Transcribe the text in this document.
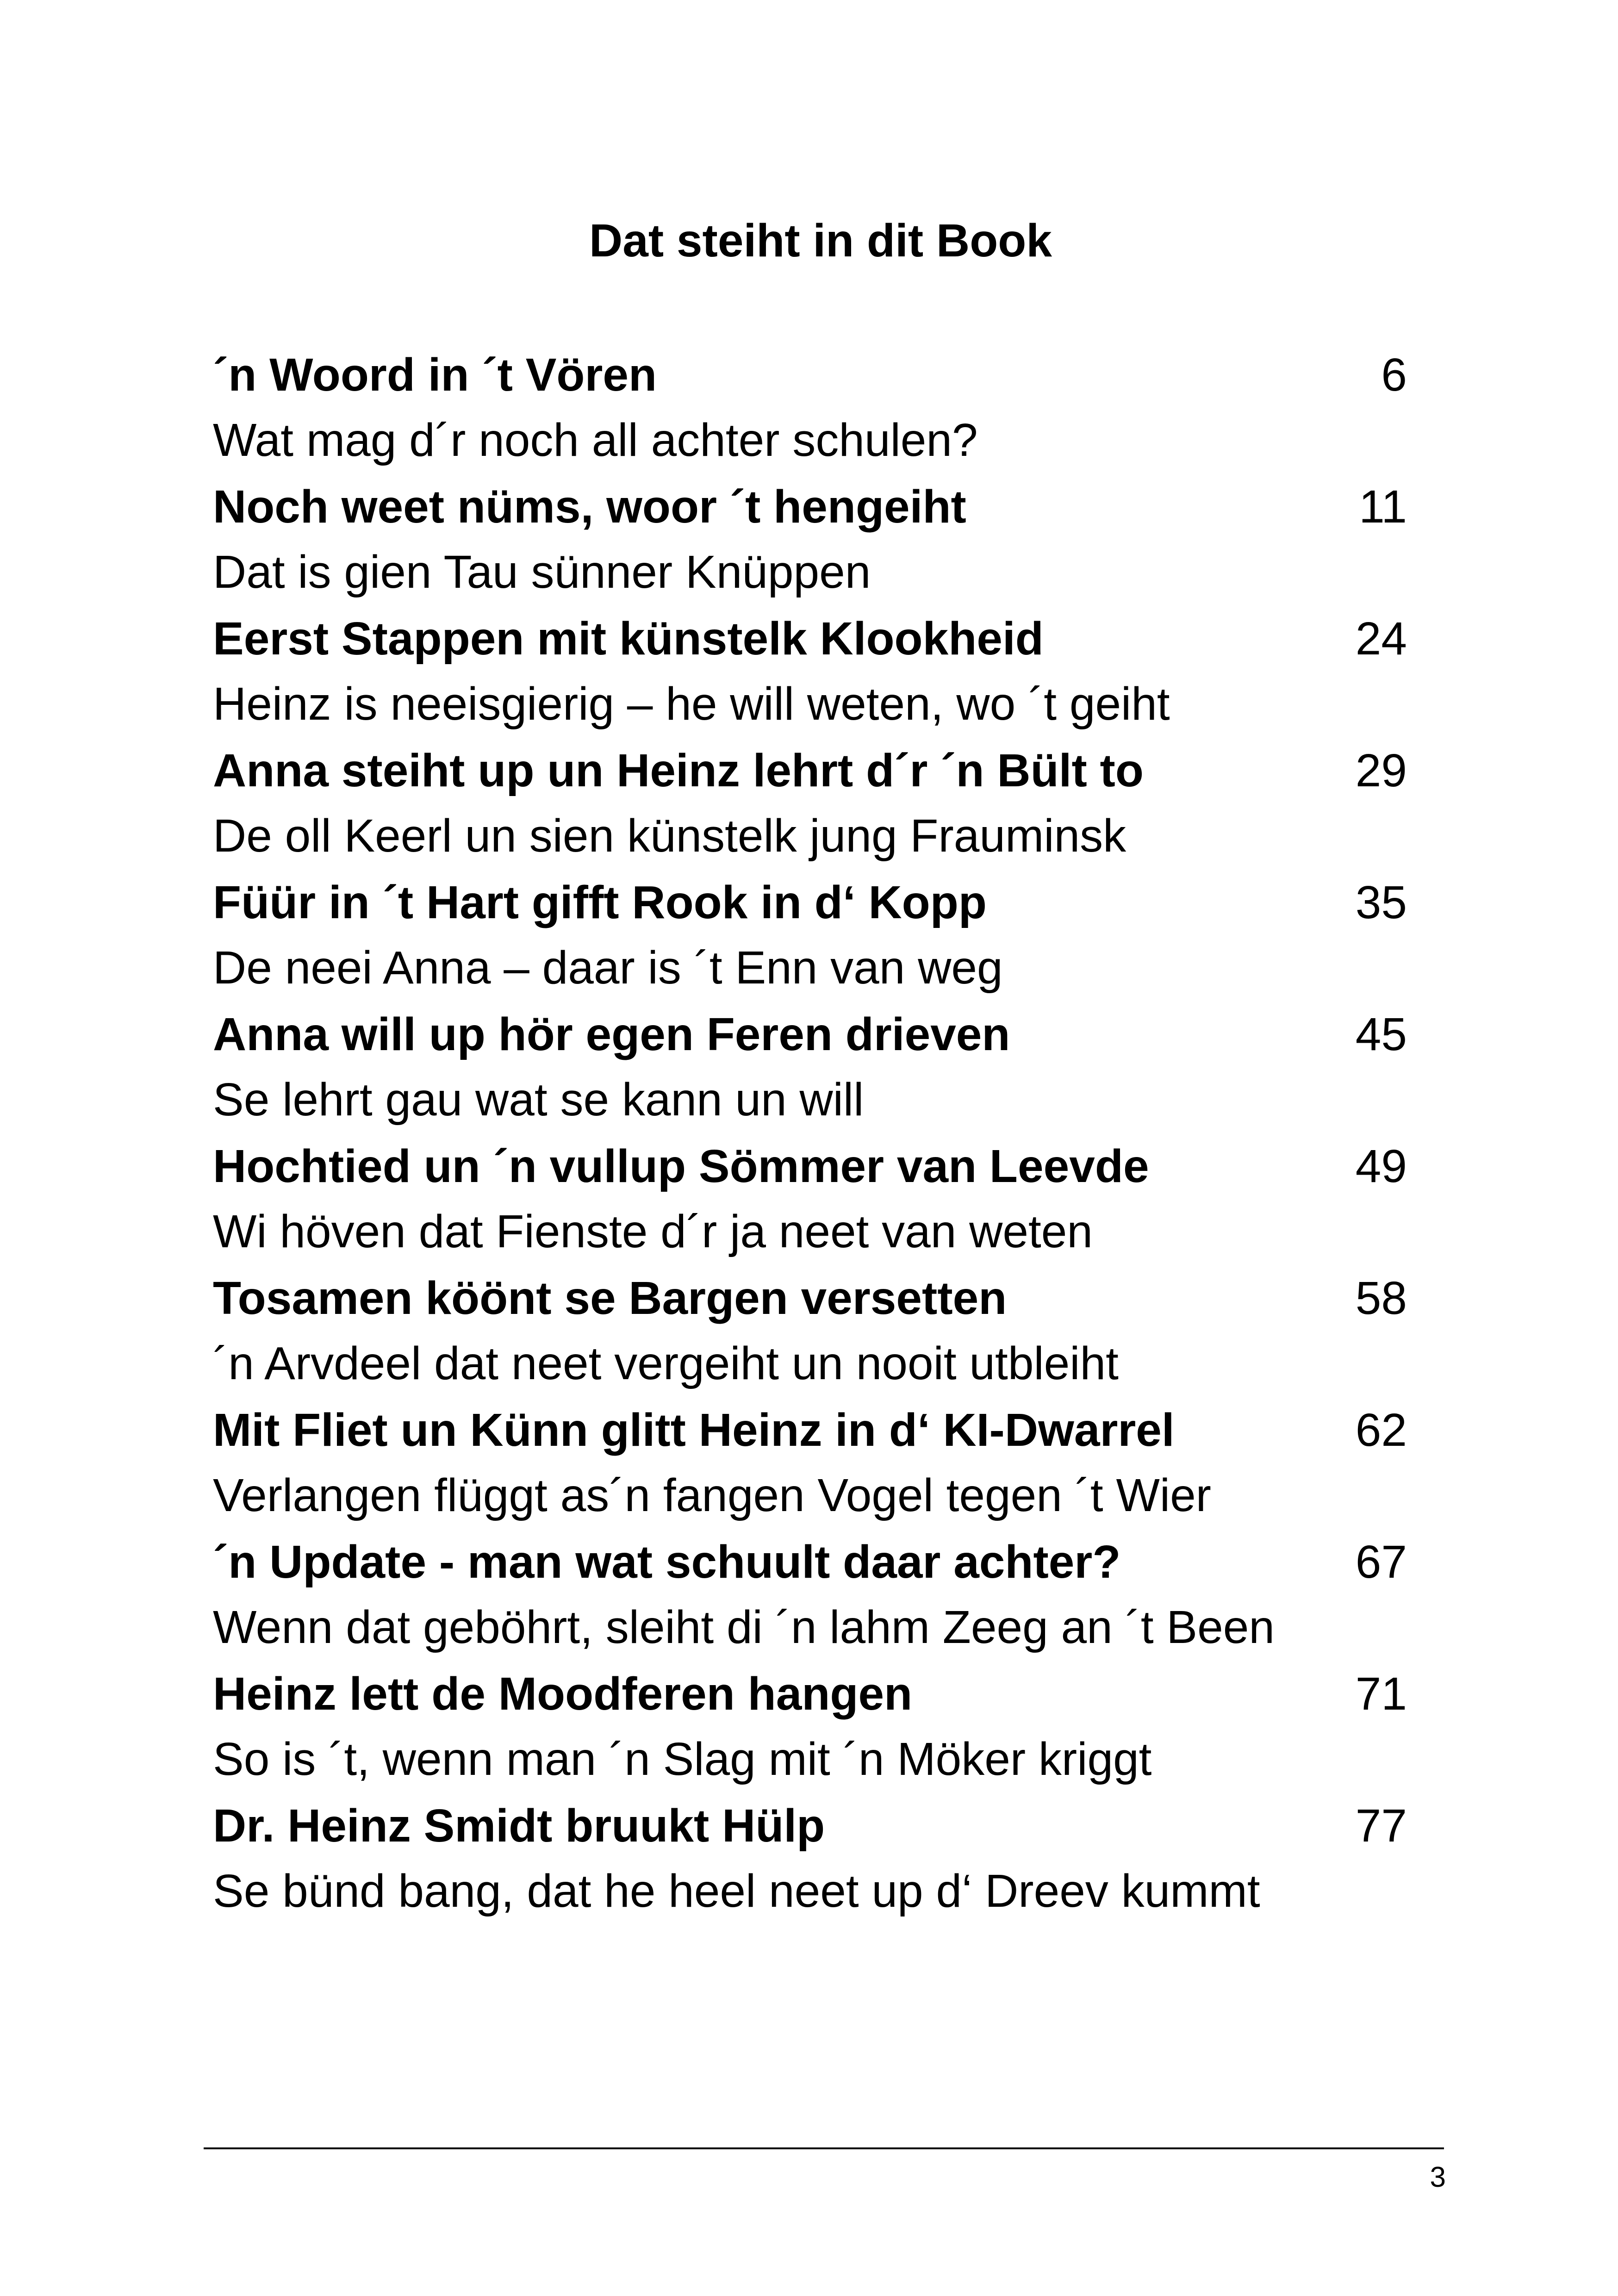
Dat steiht in dit Book
´n Woord in ´t Vören	6
Wat mag d´r noch all achter schulen?
Noch weet nüms, woor ´t hengeiht	11
Dat is gien Tau sünner Knüppen
Eerst Stappen mit künstelk Klookheid	24
Heinz is neeisgierig – he will weten, wo ´t geiht
Anna steiht up un Heinz lehrt d´r ´n Bült to	29
De oll Keerl un sien künstelk jung Frauminsk
Füür in ´t Hart gifft Rook in d‘ Kopp	35
De neei Anna – daar is ´t Enn van weg
Anna will up hör egen Feren drieven	45
Se lehrt gau wat se kann un will
Hochtied un ´n vullup Sömmer van Leevde	49
Wi höven dat Fienste d´r ja neet van weten
Tosamen köönt se Bargen versetten	58
´n Arvdeel dat neet vergeiht un nooit utbleiht
Mit Fliet un Künn glitt Heinz in d‘ KI-Dwarrel	62
Verlangen flüggt as´n fangen Vogel tegen ´t Wier
´n Update - man wat schuult daar achter?	67
Wenn dat geböhrt, sleiht di ´n lahm Zeeg an ´t Been
Heinz lett de Moodferen hangen	71
So is ´t, wenn man ´n Slag mit ´n Möker kriggt
Dr. Heinz Smidt bruukt Hülp	77
Se bünd bang, dat he heel neet up d‘ Dreev kummt
3
